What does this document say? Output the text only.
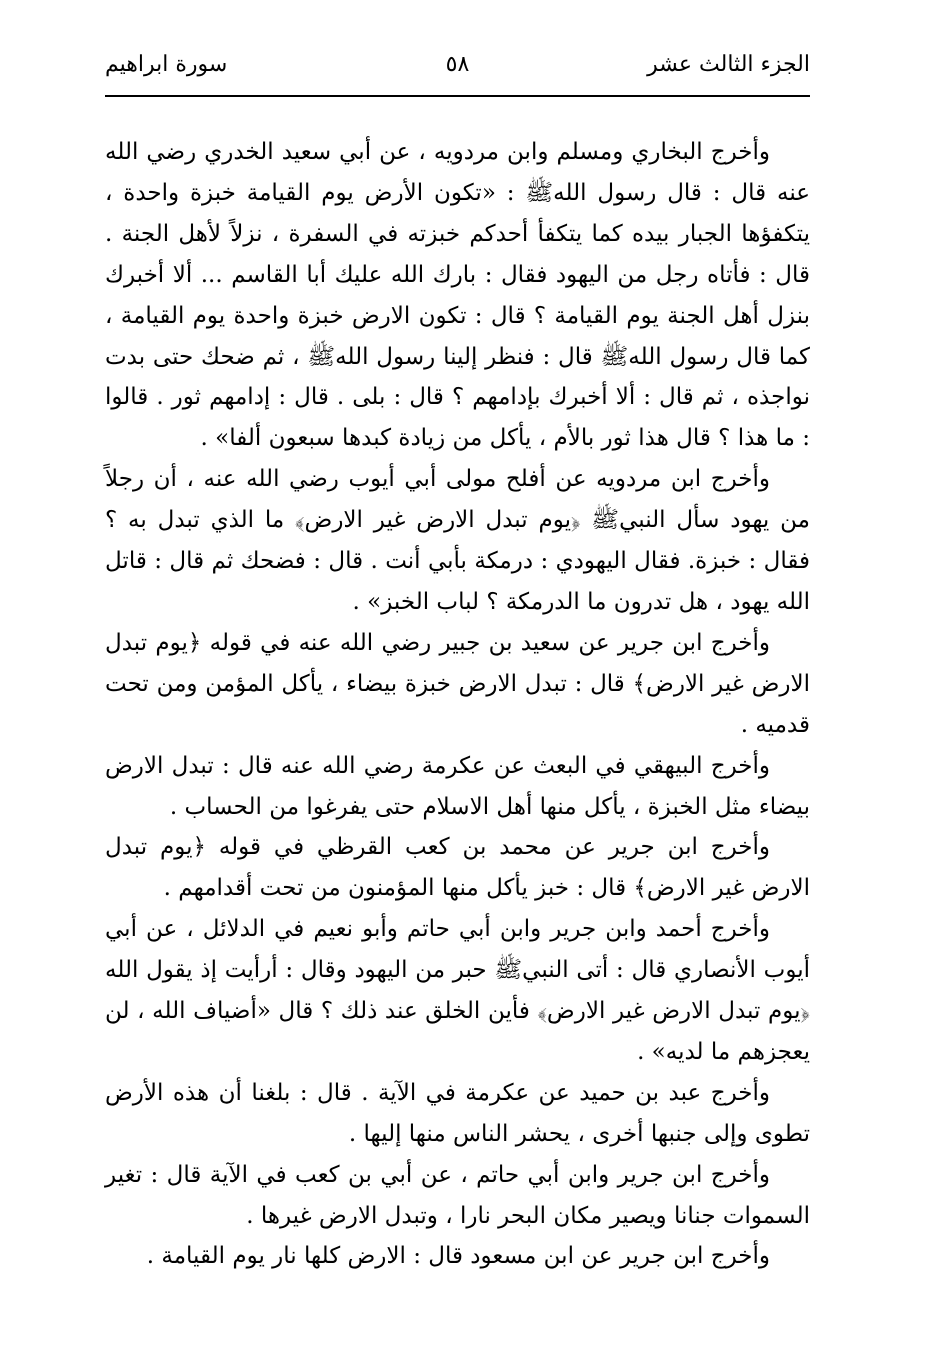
الجزء الثالث عشر
٥٨
سورة ابراهيم

وأخرج البخاري ومسلم وابن مردويه ، عن أبي سعيد الخدري رضي الله عنه قال : قال رسول اللهﷺ : «تكون الأرض يوم القيامة خبزة واحدة ، يتكفؤها الجبار بيده كما يتكفأ أحدكم خبزته في السفرة ، نزلاً لأهل الجنة . قال : فأتاه رجل من اليهود فقال : بارك الله عليك أبا القاسم ... ألا أخبرك بنزل أهل الجنة يوم القيامة ؟ قال : تكون الارض خبزة واحدة يوم القيامة ، كما قال رسول اللهﷺ قال : فنظر إلينا رسول اللهﷺ ، ثم ضحك حتى بدت نواجذه ، ثم قال : ألا أخبرك بإدامهم ؟ قال : بلى . قال : إدامهم ثور . قالوا : ما هذا ؟ قال هذا ثور بالأم ، يأكل من زيادة كبدها سبعون ألفا» .

وأخرج ابن مردويه عن أفلح مولى أبي أيوب رضي الله عنه ، أن رجلاً من يهود سأل النبيﷺ ﴿يوم تبدل الارض غير الارض﴾ ما الذي تبدل به ؟ فقال : خبزة. فقال اليهودي : درمكة بأبي أنت . قال : فضحك ثم قال : قاتل الله يهود ، هل تدرون ما الدرمكة ؟ لباب الخبز» .

وأخرج ابن جرير عن سعيد بن جبير رضي الله عنه في قوله ﴿يوم تبدل الارض غير الارض﴾ قال : تبدل الارض خبزة بيضاء ، يأكل المؤمن ومن تحت قدميه .

وأخرج البيهقي في البعث عن عكرمة رضي الله عنه قال : تبدل الارض بيضاء مثل الخبزة ، يأكل منها أهل الاسلام حتى يفرغوا من الحساب .

وأخرج ابن جرير عن محمد بن كعب القرظي في قوله ﴿يوم تبدل الارض غير الارض﴾ قال : خبز يأكل منها المؤمنون من تحت أقدامهم .

وأخرج أحمد وابن جرير وابن أبي حاتم وأبو نعيم في الدلائل ، عن أبي أيوب الأنصاري قال : أتى النبيﷺ حبر من اليهود وقال : أرأيت إذ يقول الله ﴿يوم تبدل الارض غير الارض﴾ فأين الخلق عند ذلك ؟ قال «أضياف الله ، لن يعجزهم ما لديه» .

وأخرج عبد بن حميد عن عكرمة في الآية . قال : بلغنا أن هذه الأرض تطوى وإلى جنبها أخرى ، يحشر الناس منها إليها .

وأخرج ابن جرير وابن أبي حاتم ، عن أبي بن كعب في الآية قال : تغير السموات جنانا ويصير مكان البحر نارا ، وتبدل الارض غيرها .

وأخرج ابن جرير عن ابن مسعود قال : الارض كلها نار يوم القيامة .
